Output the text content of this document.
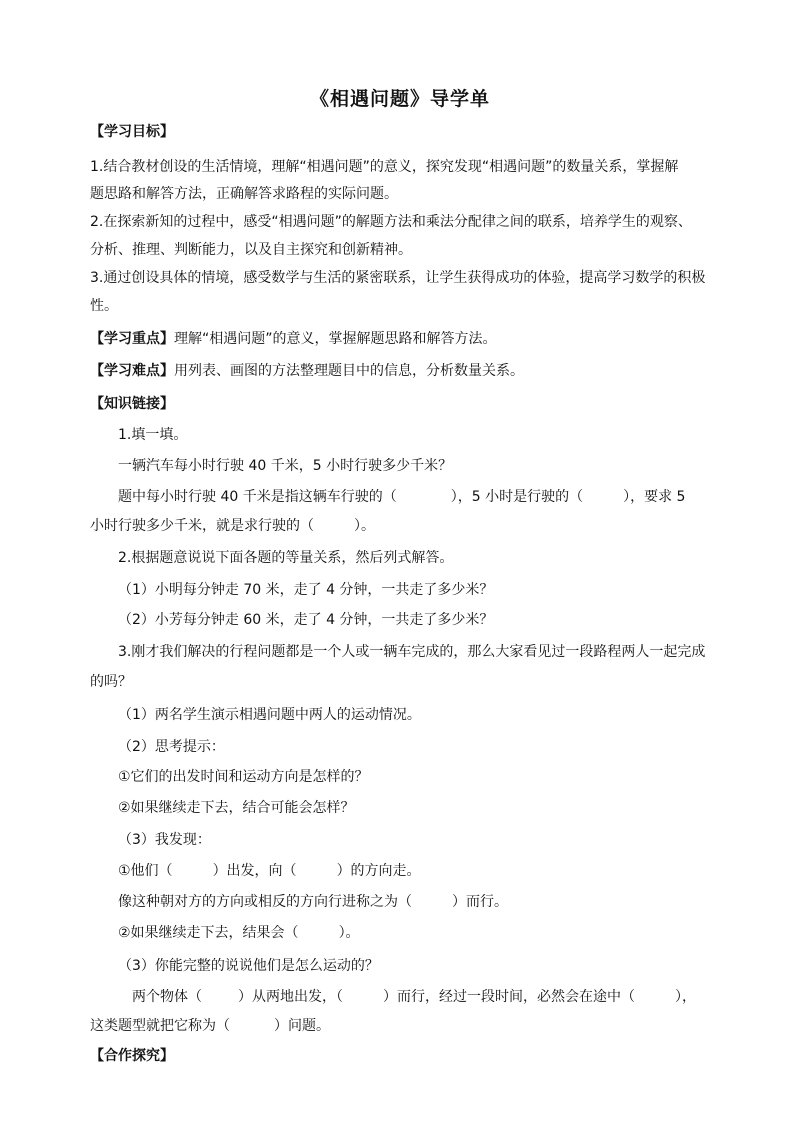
《相遇问题》导学单
【学习目标】
1.结合教材创设的生活情境，理解“相遇问题”的意义，探究发现“相遇问题”的数量关系，掌握解
题思路和解答方法，正确解答求路程的实际问题。
2.在探索新知的过程中，感受“相遇问题”的解题方法和乘法分配律之间的联系，培养学生的观察、
分析、推理、判断能力，以及自主探究和创新精神。
3.通过创设具体的情境，感受数学与生活的紧密联系，让学生获得成功的体验，提高学习数学的积极
性。
【学习重点】理解“相遇问题”的意义，掌握解题思路和解答方法。
【学习难点】用列表、画图的方法整理题目中的信息，分析数量关系。
【知识链接】
1.填一填。
一辆汽车每小时行驶 40 千米，5 小时行驶多少千米？
题中每小时行驶 40 千米是指这辆车行驶的（	），5 小时是行驶的（	），要求 5
小时行驶多少千米，就是求行驶的（	）。
2.根据题意说说下面各题的等量关系，然后列式解答。
（1）小明每分钟走 70 米，走了 4 分钟，一共走了多少米？
（2）小芳每分钟走 60 米，走了 4 分钟，一共走了多少米？
3.刚才我们解决的行程问题都是一个人或一辆车完成的，那么大家看见过一段路程两人一起完成
的吗？
（1）两名学生演示相遇问题中两人的运动情况。
（2）思考提示：
①它们的出发时间和运动方向是怎样的？
②如果继续走下去，结合可能会怎样？
（3）我发现：
①他们（	）出发，向（	）的方向走。
像这种朝对方的方向或相反的方向行进称之为（	）而行。
②如果继续走下去，结果会（	）。
（3）你能完整的说说他们是怎么运动的？
两个物体（	）从两地出发，（	）而行，经过一段时间，必然会在途中（	），
这类题型就把它称为（	）问题。
【合作探究】
